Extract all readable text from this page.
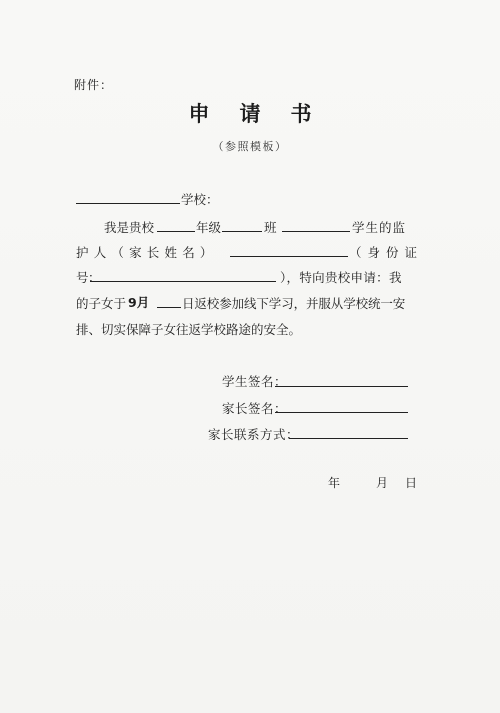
附件：
申请书
（参照模板）
学校：
我是贵校	年级	班	学生的监
护人（家长姓名）	（身份证
号 ：	），特向贵校申请：我
的子女于 9月	日返校参加线下学习，并服从学校统一安
排、切实保障子女往返学校路途的安全。
学生签名：
家长签名：
家长联系方式：
年	月 日
